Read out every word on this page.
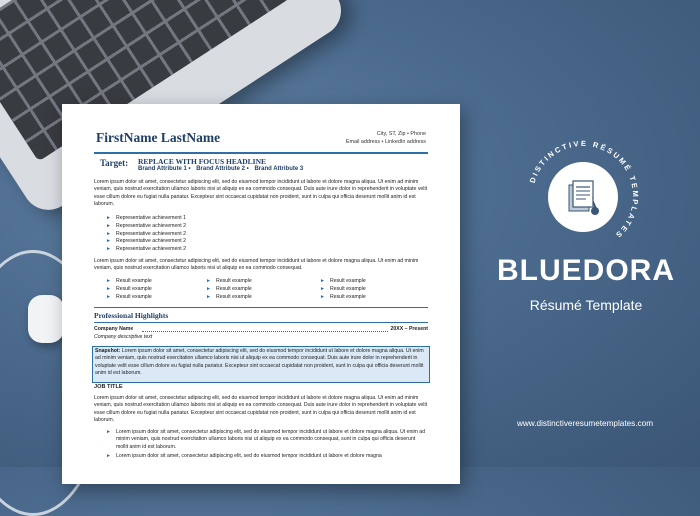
FirstName LastName	City, ST, Zip • Phone
Email address • LinkedIn address
Target: REPLACE WITH FOCUS HEADLINE
Brand Attribute 1 • Brand Attribute 2 • Brand Attribute 3
Lorem ipsum dolor sit amet, consectetur adipiscing elit, sed do eiusmod tempor incididunt ut labore et dolore magna aliqua. Ut enim ad minim veniam, quis nostrud exercitation ullamco laboris nisi ut aliquip ex ea commodo consequat. Duis aute irure dolor in reprehenderit in voluptate velit esse cillum dolore eu fugiat nulla pariatur. Excepteur sint occaecat cupidatat non proident, sunt in culpa qui officia deserunt mollit anim id est laborum.
► Representative achievement 1
► Representative achievement 2
► Representative achievement 2
► Representative achievement 2
► Representative achievement 2
Lorem ipsum dolor sit amet, consectetur adipiscing elit, sed do eiusmod tempor incididunt ut labore et dolore magna aliqua. Ut enim ad minim veniam, quis nostrud exercitation ullamco laboris nisi ut aliquip ex ea commodo consequat.
► Result example
► Result example
► Result example
► Result example
► Result example
► Result example
► Result example
► Result example
► Result example
Professional Highlights
Company Name	20XX – Present
Company descriptive text
Snapshot: Lorem ipsum dolor sit amet, consectetur adipiscing elit, sed do eiusmod tempor incididunt ut labore et dolore magna aliqua. Ut enim ad minim veniam, quis nostrud exercitation ullamco laboris nisi ut aliquip ex ea commodo consequat. Duis aute irure dolor in reprehenderit in voluptate velit esse cillum dolore eu fugiat nulla pariatur. Excepteur sint occaecat cupidatat non proident, sunt in culpa qui officia deserunt mollit anim id est laborum.
JOB TITLE
Lorem ipsum dolor sit amet, consectetur adipiscing elit, sed do eiusmod tempor incididunt ut labore et dolore magna aliqua. Ut enim ad minim veniam, quis nostrud exercitation ullamco laboris nisi ut aliquip ex ea commodo consequat. Duis aute irure dolor in reprehenderit in voluptate velit esse cillum dolore eu fugiat nulla pariatur. Excepteur sint occaecat cupidatat non proident, sunt in culpa qui officia deserunt mollit anim id est laborum.
► Lorem ipsum dolor sit amet, consectetur adipiscing elit, sed do eiusmod tempor incididunt ut labore et dolore magna aliqua. Ut enim ad minim veniam, quis nostrud exercitation ullamco laboris nisi ut aliquip ex ea commodo consequat, sunt in culpa qui officia deserunt mollit anim id est laborum.
► Lorem ipsum dolor sit amet, consectetur adipiscing elit, sed do eiusmod tempor incididunt ut labore et dolore magna
DISTINCTIVE RÉSUMÉ TEMPLATES
BLUEDORA
Résumé Template
www.distinctiveresumetemplates.com
